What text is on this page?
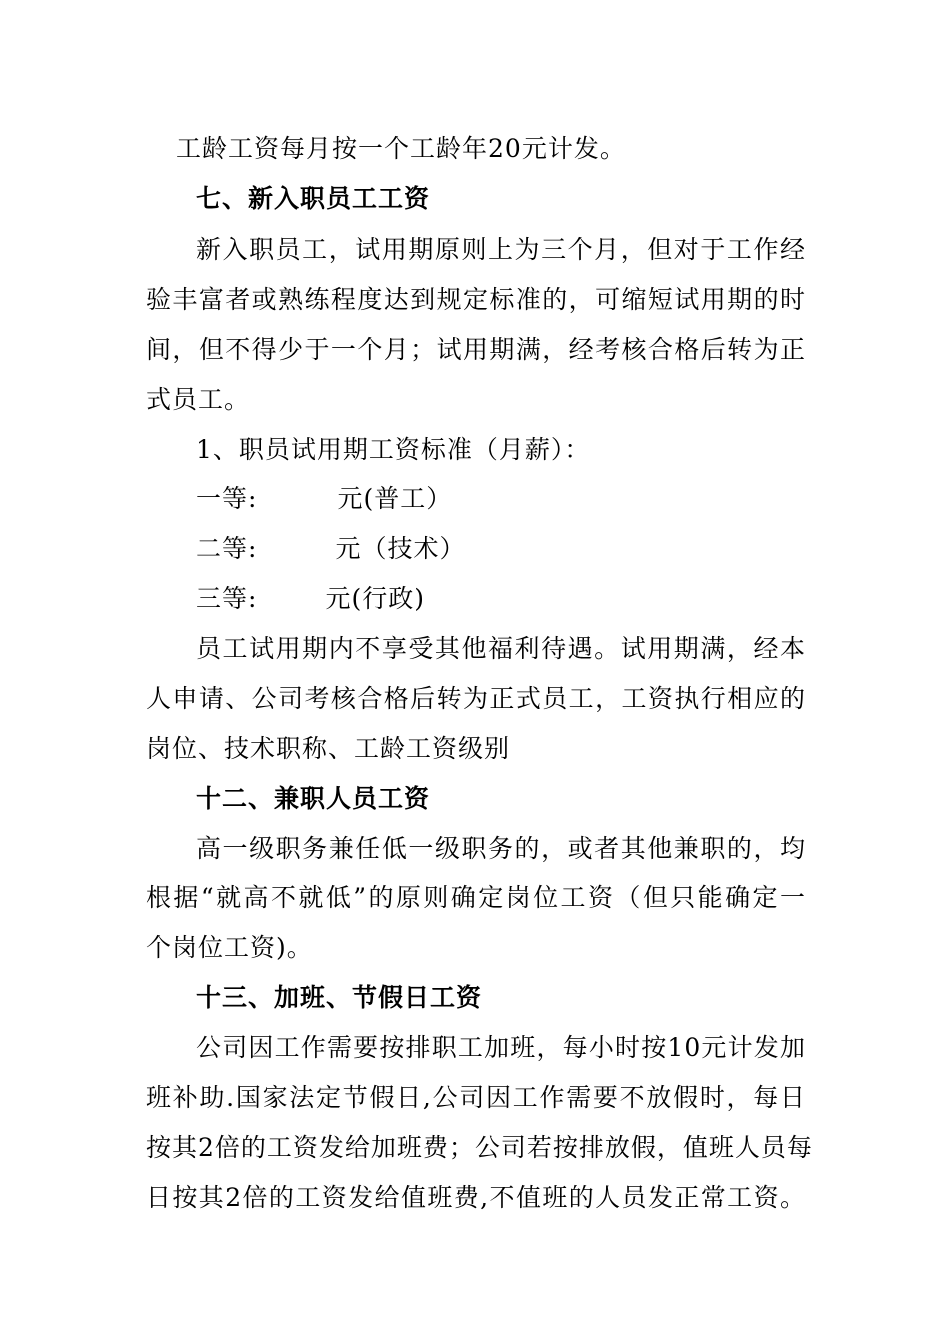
工龄工资每月按一个工龄年20元计发。
七、新入职员工工资
新入职员工，试用期原则上为三个月，但对于工作经
验丰富者或熟练程度达到规定标准的，可缩短试用期的时
间，但不得少于一个月；试用期满，经考核合格后转为正
式员工。
1、职员试用期工资标准（月薪）：
一等:	元(普工）
二等:	元（技术）
三等:	元(行政)
员工试用期内不享受其他福利待遇。试用期满，经本
人申请、公司考核合格后转为正式员工，工资执行相应的
岗位、技术职称、工龄工资级别
十二、兼职人员工资
高一级职务兼任低一级职务的，或者其他兼职的，均
根据“就高不就低”的原则确定岗位工资（但只能确定一
个岗位工资)。
十三、加班、节假日工资
公司因工作需要按排职工加班，每小时按10元计发加
班补助.国家法定节假日,公司因工作需要不放假时，每日
按其2倍的工资发给加班费；公司若按排放假，值班人员每
日按其2倍的工资发给值班费,不值班的人员发正常工资。
